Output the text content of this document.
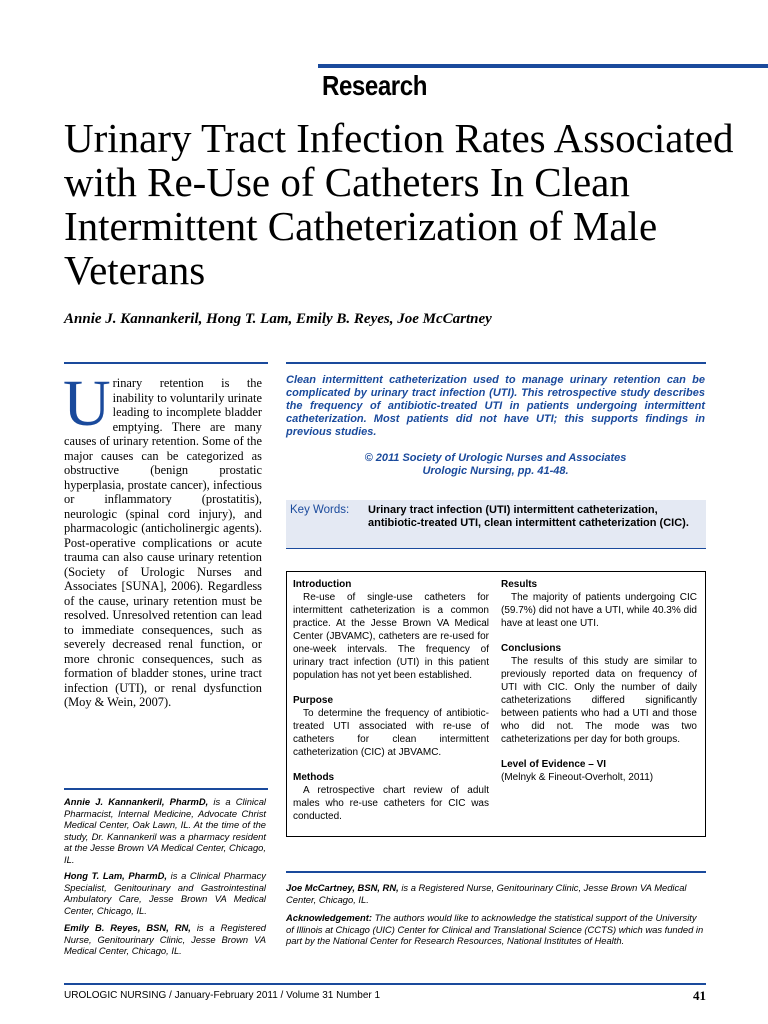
Research
Urinary Tract Infection Rates Associated with Re-Use of Catheters In Clean Intermittent Catheterization of Male Veterans
Annie J. Kannankeril, Hong T. Lam, Emily B. Reyes, Joe McCartney

Urinary retention is the inability to voluntarily urinate leading to incomplete bladder emptying. There are many causes of urinary retention. Some of the major causes can be categorized as obstructive (benign prostatic hyperplasia, prostate cancer), infectious or inflammatory (prostatitis), neurologic (spinal cord injury), and pharmacologic (anticholinergic agents). Post-operative complications or acute trauma can also cause urinary retention (Society of Urologic Nurses and Associates [SUNA], 2006). Regardless of the cause, urinary retention must be resolved. Unresolved retention can lead to immediate consequences, such as severely decreased renal function, or more chronic consequences, such as formation of bladder stones, urine tract infection (UTI), or renal dysfunction (Moy & Wein, 2007).

Clean intermittent catheterization used to manage urinary retention can be complicated by urinary tract infection (UTI). This retrospective study describes the frequency of antibiotic-treated UTI in patients undergoing intermittent catheterization. Most patients did not have UTI; this supports findings in previous studies.

© 2011 Society of Urologic Nurses and Associates
Urologic Nursing, pp. 41-48.
Key Words: Urinary tract infection (UTI) intermittent catheterization, antibiotic-treated UTI, clean intermittent catheterization (CIC).
Introduction

Re-use of single-use catheters for intermittent catheterization is a common practice. At the Jesse Brown VA Medical Center (JBVAMC), catheters are re-used for one-week intervals. The frequency of urinary tract infection (UTI) in this patient population has not yet been established.

Purpose

To determine the frequency of antibiotic-treated UTI associated with re-use of catheters for clean intermittent catheterization (CIC) at JBVAMC.

Methods

A retrospective chart review of adult males who re-use catheters for CIC was conducted.

Results

The majority of patients undergoing CIC (59.7%) did not have a UTI, while 40.3% did have at least one UTI.

Conclusions

The results of this study are similar to previously reported data on frequency of UTI with CIC. Only the number of daily catheterizations differed significantly between patients who had a UTI and those who did not. The mode was two catheterizations per day for both groups.

Level of Evidence – VI

(Melnyk & Fineout-Overholt, 2011)

Annie J. Kannankeril, PharmD, is a Clinical Pharmacist, Internal Medicine, Advocate Christ Medical Center, Oak Lawn, IL. At the time of the study, Dr. Kannankeril was a pharmacy resident at the Jesse Brown VA Medical Center, Chicago, IL.
Hong T. Lam, PharmD, is a Clinical Pharmacy Specialist, Genitourinary and Gastrointestinal Ambulatory Care, Jesse Brown VA Medical Center, Chicago, IL.
Emily B. Reyes, BSN, RN, is a Registered Nurse, Genitourinary Clinic, Jesse Brown VA Medical Center, Chicago, IL.
Joe McCartney, BSN, RN, is a Registered Nurse, Genitourinary Clinic, Jesse Brown VA Medical Center, Chicago, IL.
Acknowledgement: The authors would like to acknowledge the statistical support of the University of Illinois at Chicago (UIC) Center for Clinical and Translational Science (CCTS) which was funded in part by the National Center for Research Resources, National Institutes of Health.
UROLOGIC NURSING / January-February 2011 / Volume 31 Number 1	41
